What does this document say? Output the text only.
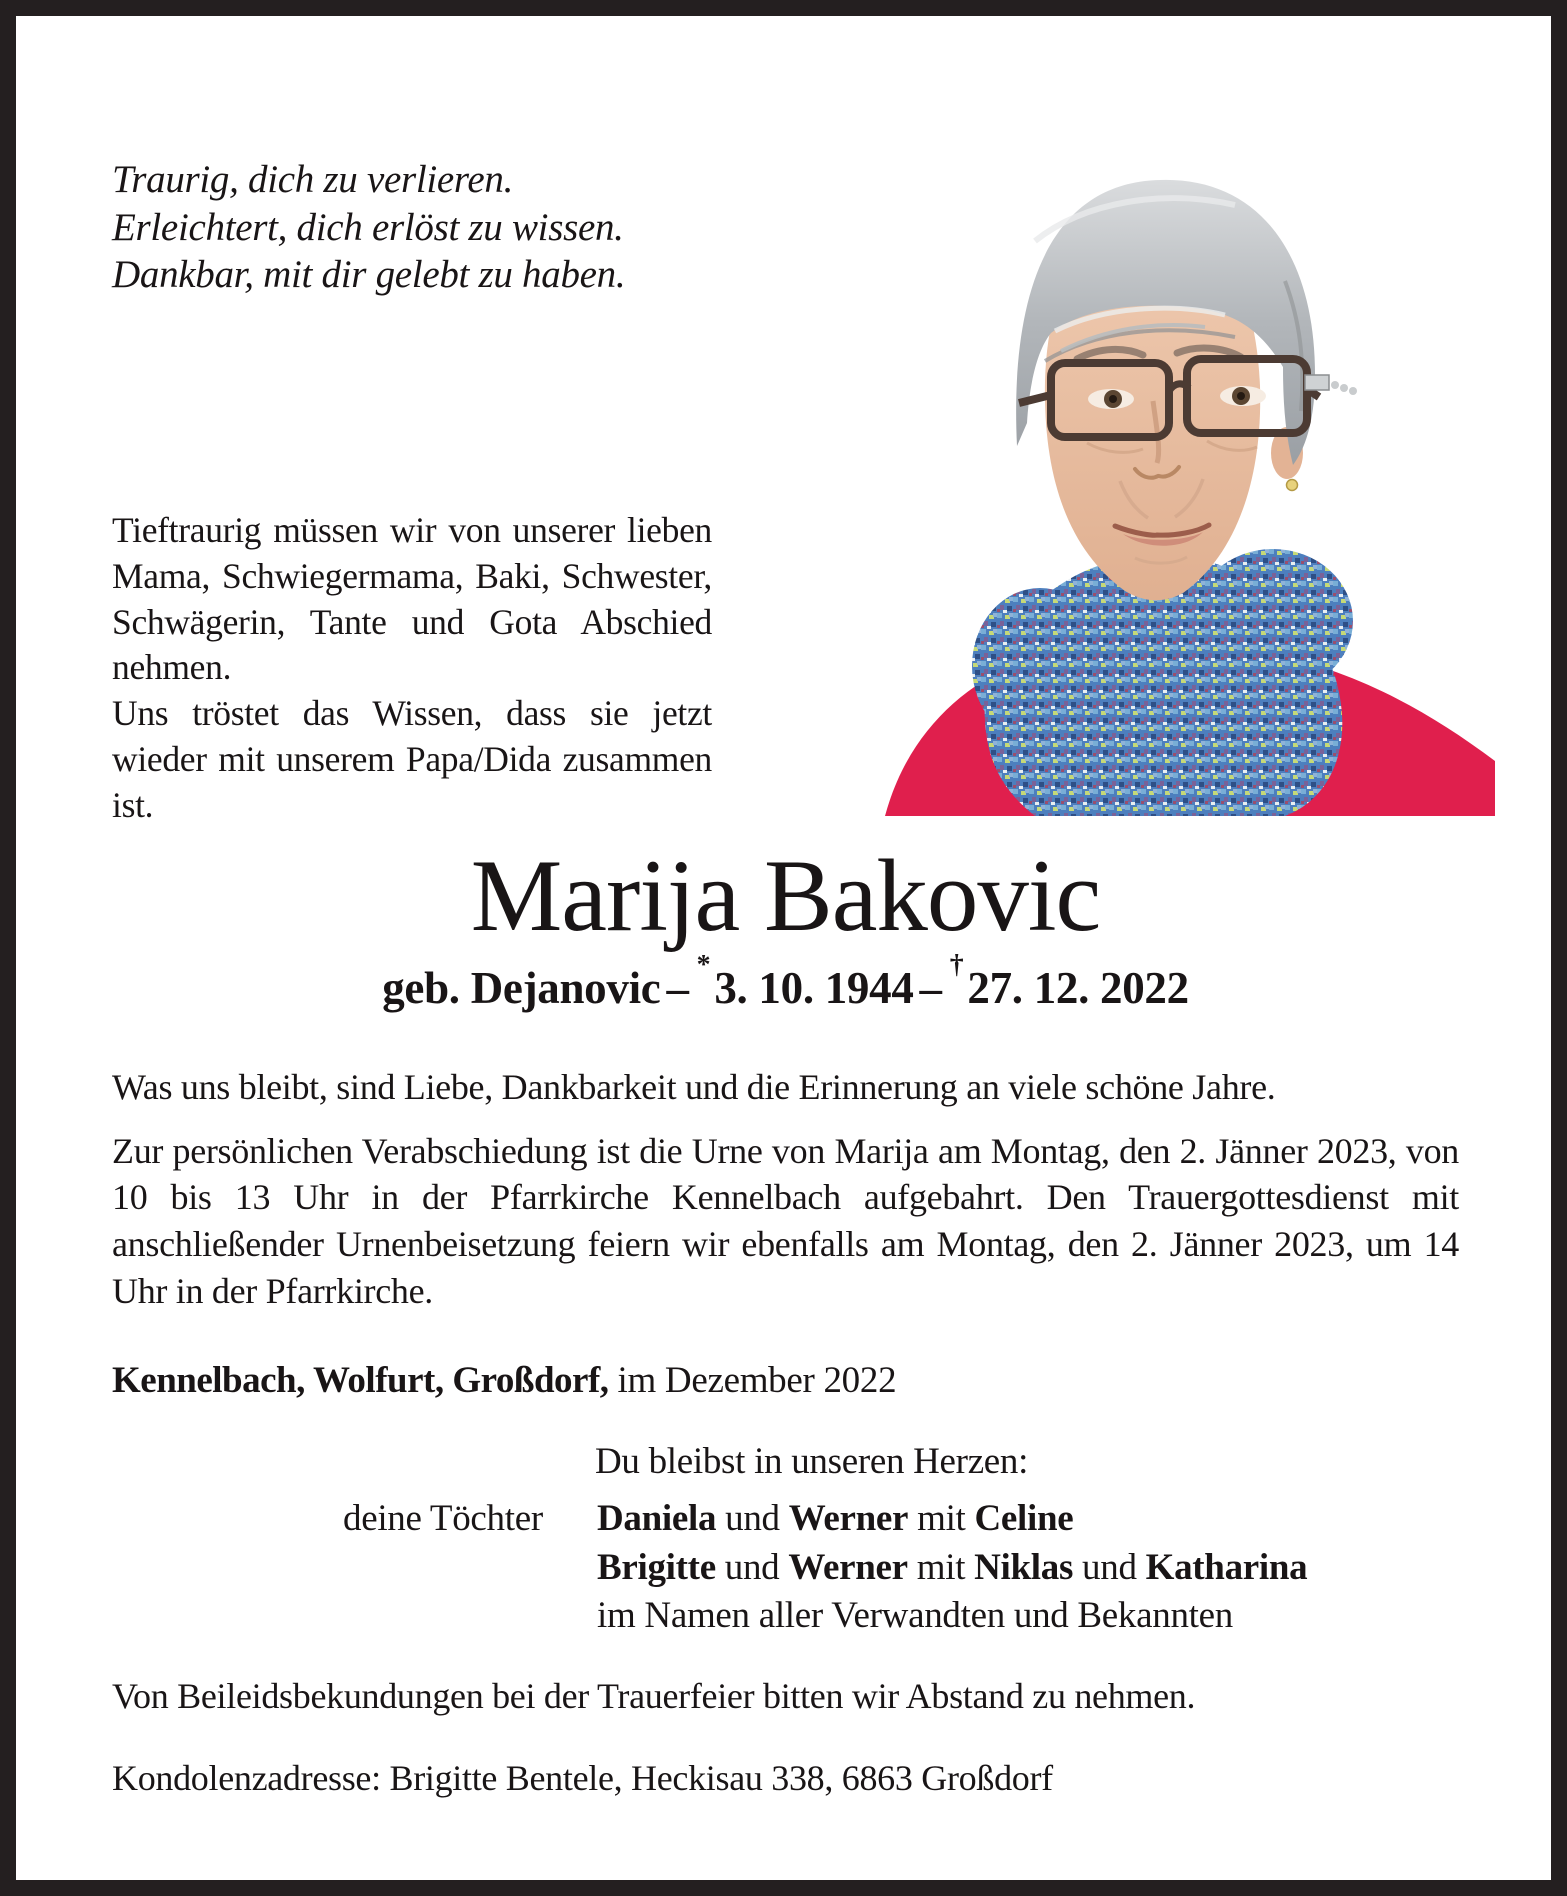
Traurig, dich zu verlieren.
Erleichtert, dich erlöst zu wissen.
Dankbar, mit dir gelebt zu haben.

Tieftraurig müssen wir von unserer lieben Mama, Schwiegermama, Baki, Schwester, Schwägerin, Tante und Gota Abschied nehmen.

Uns tröstet das Wissen, dass sie jetzt wieder mit unserem Papa/Dida zusammen ist.

Marija Bakovic
geb. Dejanovic – *3. 10. 1944 – †27. 12. 2022

Was uns bleibt, sind Liebe, Dankbarkeit und die Erinnerung an viele schöne Jahre.

Zur persönlichen Verabschiedung ist die Urne von Marija am Montag, den 2. Jänner 2023, von 10 bis 13 Uhr in der Pfarrkirche Kennelbach aufgebahrt. Den Trauergottesdienst mit anschließender Urnenbeisetzung feiern wir ebenfalls am Montag, den 2. Jänner 2023, um 14 Uhr in der Pfarrkirche.

Kennelbach, Wolfurt, Großdorf, im Dezember 2022
Du bleibst in unseren Herzen:
deine Töchter	Daniela und Werner mit Celine
Brigitte und Werner mit Niklas und Katharina
im Namen aller Verwandten und Bekannten
Von Beileidsbekundungen bei der Trauerfeier bitten wir Abstand zu nehmen.
Kondolenzadresse: Brigitte Bentele, Heckisau 338, 6863 Großdorf
